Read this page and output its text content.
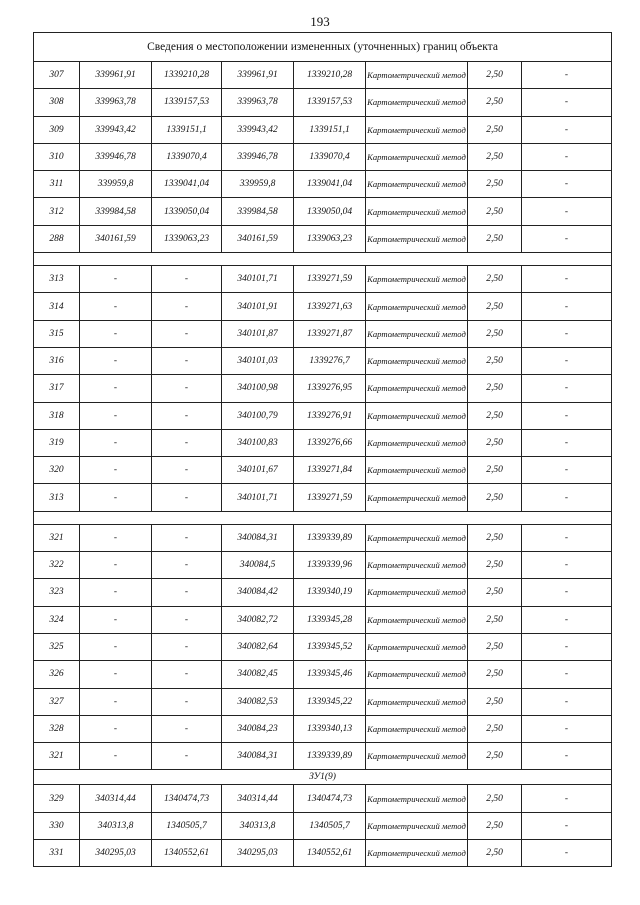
193
Сведения о местоположении измененных (уточненных) границ объекта							
307	339961,91	1339210,28	339961,91	1339210,28	Картометрический метод	2,50	-
308	339963,78	1339157,53	339963,78	1339157,53	Картометрический метод	2,50	-
309	339943,42	1339151,1	339943,42	1339151,1	Картометрический метод	2,50	-
310	339946,78	1339070,4	339946,78	1339070,4	Картометрический метод	2,50	-
311	339959,8	1339041,04	339959,8	1339041,04	Картометрический метод	2,50	-
312	339984,58	1339050,04	339984,58	1339050,04	Картометрический метод	2,50	-
288	340161,59	1339063,23	340161,59	1339063,23	Картометрический метод	2,50	-

313	-	-	340101,71	1339271,59	Картометрический метод	2,50	-
314	-	-	340101,91	1339271,63	Картометрический метод	2,50	-
315	-	-	340101,87	1339271,87	Картометрический метод	2,50	-
316	-	-	340101,03	1339276,7	Картометрический метод	2,50	-
317	-	-	340100,98	1339276,95	Картометрический метод	2,50	-
318	-	-	340100,79	1339276,91	Картометрический метод	2,50	-
319	-	-	340100,83	1339276,66	Картометрический метод	2,50	-
320	-	-	340101,67	1339271,84	Картометрический метод	2,50	-
313	-	-	340101,71	1339271,59	Картометрический метод	2,50	-

321	-	-	340084,31	1339339,89	Картометрический метод	2,50	-
322	-	-	340084,5	1339339,96	Картометрический метод	2,50	-
323	-	-	340084,42	1339340,19	Картометрический метод	2,50	-
324	-	-	340082,72	1339345,28	Картометрический метод	2,50	-
325	-	-	340082,64	1339345,52	Картометрический метод	2,50	-
326	-	-	340082,45	1339345,46	Картометрический метод	2,50	-
327	-	-	340082,53	1339345,22	Картометрический метод	2,50	-
328	-	-	340084,23	1339340,13	Картометрический метод	2,50	-
321	-	-	340084,31	1339339,89	Картометрический метод	2,50	-
ЗУ1(9)							
329	340314,44	1340474,73	340314,44	1340474,73	Картометрический метод	2,50	-
330	340313,8	1340505,7	340313,8	1340505,7	Картометрический метод	2,50	-
331	340295,03	1340552,61	340295,03	1340552,61	Картометрический метод	2,50	-
